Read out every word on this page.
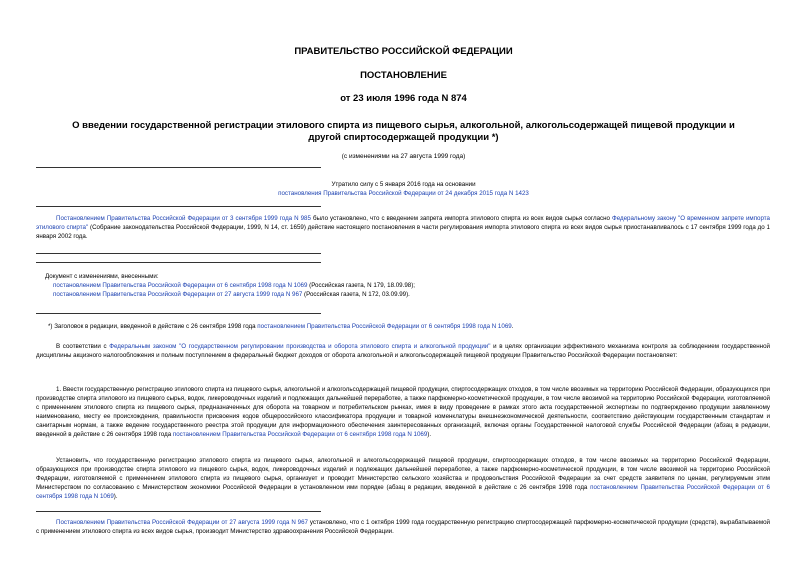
ПРАВИТЕЛЬСТВО РОССИЙСКОЙ ФЕДЕРАЦИИ
ПОСТАНОВЛЕНИЕ
от 23 июля 1996 года N 874
О введении государственной регистрации этилового спирта из пищевого сырья, алкогольной, алкогольсодержащей пищевой продукции и другой спиртосодержащей продукции *)
(с изменениями на 27 августа 1999 года)
Утратило силу с 5 января 2016 года на основании
постановления Правительства Российской Федерации от 24 декабря 2015 года N 1423
Постановлением Правительства Российской Федерации от 3 сентября 1999 года N 985 было установлено, что с введением запрета импорта этилового спирта из всех видов сырья согласно Федеральному закону "О временном запрете импорта этилового спирта" (Собрание законодательства Российской Федерации, 1999, N 14, ст. 1659) действие настоящего постановления в части регулирования импорта этилового спирта из всех видов сырья приостанавливалось с 17 сентября 1999 года до 1 января 2002 года.
Документ с изменениями, внесенными:
постановлением Правительства Российской Федерации от 6 сентября 1998 года N 1069 (Российская газета, N 179, 18.09.98);
постановлением Правительства Российской Федерации от 27 августа 1999 года N 967 (Российская газета, N 172, 03.09.99).
*) Заголовок в редакции, введенной в действие с 26 сентября 1998 года постановлением Правительства Российской Федерации от 6 сентября 1998 года N 1069.
В соответствии с Федеральным законом "О государственном регулировании производства и оборота этилового спирта и алкогольной продукции" и в целях организации эффективного механизма контроля за соблюдением государственной дисциплины акцизного налогообложения и полным поступлением в федеральный бюджет доходов от оборота алкогольной и алкогольсодержащей пищевой продукции Правительство Российской Федерации постановляет:
1. Ввести государственную регистрацию этилового спирта из пищевого сырья, алкогольной и алкогольсодержащей пищевой продукции, спиртосодержащих отходов, в том числе ввозимых на территорию Российской Федерации, образующихся при производстве спирта этилового из пищевого сырья, водок, ликероводочных изделий и подлежащих дальнейшей переработке, а также парфюмерно-косметической продукции, в том числе ввозимой на территорию Российской Федерации, изготовляемой с применением этилового спирта из пищевого сырья, предназначенных для оборота на товарном и потребительском рынках, имея в виду проведение в рамках этого акта государственной экспертизы по подтверждению продукции заявленному наименованию, месту ее происхождения, правильности присвоения кодов общероссийского классификатора продукции и товарной номенклатуры внешнеэкономической деятельности, соответствию действующим государственным стандартам и санитарным нормам, а также ведение государственного реестра этой продукции для информационного обеспечения заинтересованных организаций, включая органы Государственной налоговой службы Российской Федерации (абзац в редакции, введенной в действие с 26 сентября 1998 года постановлением Правительства Российской Федерации от 6 сентября 1998 года N 1069).
Установить, что государственную регистрацию этилового спирта из пищевого сырья, алкогольной и алкогольсодержащей пищевой продукции, спиртосодержащих отходов, в том числе ввозимых на территорию Российской Федерации, образующихся при производстве спирта этилового из пищевого сырья, водок, ликероводочных изделий и подлежащих дальнейшей переработке, а также парфюмерно-косметической продукции, в том числе ввозимой на территорию Российской Федерации, изготовляемой с применением этилового спирта из пищевого сырья, организует и проводит Министерство сельского хозяйства и продовольствия Российской Федерации за счет средств заявителя по ценам, регулируемым этим Министерством по согласованию с Министерством экономики Российской Федерации в установленном ими порядке (абзац в редакции, введенной в действие с 26 сентября 1998 года постановлением Правительства Российской Федерации от 6 сентября 1998 года N 1069).
Постановлением Правительства Российской Федерации от 27 августа 1999 года N 967 установлено, что с 1 октября 1999 года государственную регистрацию спиртосодержащей парфюмерно-косметической продукции (средств), вырабатываемой с применением этилового спирта из всех видов сырья, производит Министерство здравоохранения Российской Федерации.
